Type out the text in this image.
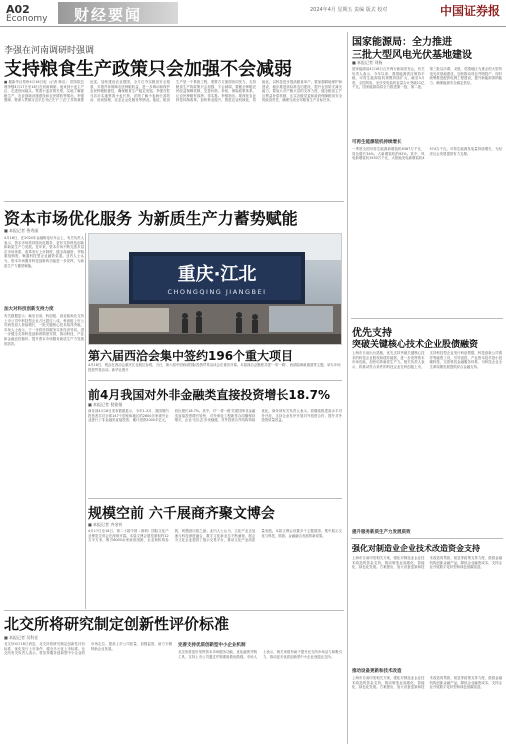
A02
Economy 财经要闻	2024年4月 星期五 责编 版式 校对	中国证券报
李强在河南调研时强调
支持粮食生产政策只会加强不会减弱
■ 据新华社郑州4月18日电（记者 韩洁） 国务院总理李强4月17日至18日在河南调研。他来到小麦主产区，走进田间地头，察看小麦苗情长势，实地了解夏粮生产、农业基础设施建设和农民增收等情况。李强强调，要深入贯彻习近平总书记关于'三农'工作的重要论述，加快建设农业强国，全方位夯实粮食安全根基，多措并举保障农民种粮收益，进一步调动和保护农民种粮积极性，确保粮食生产稳定发展。李强在驻马店市实地察看小麦长势，详细了解小麦病虫害防治、田间管理、农业社会化服务等情况。他说，粮食生产是一个系统工程，需要方方面面协同发力。支持粮食生产的政策只会加强、不会减弱，要健全种粮农民收益保障机制，完善价格、补贴、保险政策体系，让农民种粮有钱挣、得实惠。李强指出，要深化农业科技体制改革，加快种业振兴，推进农业机械化、智能化，以科技进步提高粮食单产。要加强耕地保护和建设，稳步推进高标准农田建设，提升农田防灾减灾能力。要加大对产粮大县的支持力度，健全粮食主产区利益补偿机制，压实各级党委和政府保障粮食安全的政治责任，确保完成全年粮食生产目标任务。
资本市场优化服务 为新质生产力蓄势赋能
■ 本报记者 昝秀丽
4月18日，在2024年金融街论坛年会上，有关负责人表示，资本市场将持续优化服务，更好支持科技创新和新质生产力发展。近年来，资本市场不断完善多层次市场体系，改革发行上市制度，健全再融资、并购重组制度，畅通科技型企业融资渠道。业内人士认为，资本市场服务科技创新的功能进一步发挥，为新质生产力蓄势赋能。
加大对科技创新支持力度
有关数据显示，截至目前，科创板、创业板和北交所上市公司中科技型企业占比超过八成。科创板上市公司研发投入持续增长，一批关键核心技术取得突破。市场人士表示，下一步将坚持服务实体经济导向，进一步健全支持科技创新的制度安排，推动科技、产业和金融良性循环，提升资本市场服务新质生产力发展的质效。
重庆·江北
CHONGQING JIANGBEI
第六届西洽会集中签约196个重大项目
4月18日，观众在西洽会重庆江北展区参观。当日，第六届中国西部国际投资贸易洽谈会在重庆开幕，本届西洽会聚焦共建'一带一路'、西部陆海新通道等主题，举办多场投资贸易活动。新华社图片
前4月我国对外非金融类直接投资增长18.7%
■ 本报记者 倪铭娅
商务部4月18日发布数据显示，今年1-3月，我国境内投资者共对全球147个国家和地区的2600多家境外企业进行了非金融类直接投资，累计投资2000多亿元，同比增长18.7%。其中，对'一带一路'共建国家非金融类直接投资增长较快，对外承包工程新签合同额保持增长，企业'走出去'步伐稳健，对外投资合作结构持续优化。商务部有关负责人表示，将继续推进高水平对外开放，支持企业有序开展对外投资合作，提升对外投资质量效益。
规模空前 六千展商齐聚文博会
■ 本报记者 齐金钊
4月17日至18日，第二十届中国（深圳）国际文化产业博览交易会在深圳开幕。本届文博会展览面积约12万平方米，吸引6000余家政府组团、企业和机构参展，规模创历届之最。业内人士认为，文化产业正加速与科技深度融合，数字文化新业态不断涌现，展会为文化企业提供了展示交易平台，推动文化产业高质量发展。本届文博会设置多个主题展馆，集中展示文化与科技、旅游、金融融合发展的新成果。
北交所将研究制定创新性评价标准
■ 本报记者 吴科任
北交所4月18日消息，北交所将研究制定创新性评价标准，优化发行上市条件，健全多元化上市标准。北交所有关负责人表示，将坚持服务创新型中小企业的市场定位，提高上市公司质量，加强监管，助力专精特新企业发展。
完善支持优质创新型中小企业机制
北交所将更好发挥资本市场服务功能，优化融资并购工具，支持上市公司通过并购重组做优做强。市场人士表示，相关举措有助于提升北交所市场活力和吸引力，推动更多优质创新型中小企业登陆北交所。
国家能源局：全力推进
三批大型风电光伏基地建设
■ 本报记者 刘杨
国家能源局4月18日召开例行新闻发布会。有关负责人表示，今年以来，我国能源供应保持平稳，可再生能源装机规模持续扩大，截至3月底，全国风电、光伏发电装机容量合计突破11亿千瓦。国家能源局将全力推进第一批、第二批、第三批以沙漠、戈壁、荒漠地区为重点的大型风电光伏基地建设，加快推动项目并网投产，同时统筹推进配套电网工程建设，提升新能源消纳能力，确保能源安全稳定供应。
可再生能源装机持续增长
一季度全国可再生能源新增装机6367万千瓦，同比增长34%，占新增装机的92%。其中，风电新增装机1550万千瓦，太阳能发电新增装机4574万千瓦。可再生能源发电量持续增长，为经济社会发展提供有力支撑。
优先支持
突破关键核心技术企业股债融资
上海市日前出台措施，优先支持突破关键核心技术的科技企业股权和债券融资，进一步发挥资本市场功能，加快培育新质生产力。相关负责人表示，将推动符合条件的科技企业在科创板上市，支持科技型企业发行科创票据、科技创新公司债券等融资工具，引导创投、产业资本投早投小投硬科技，完善科技金融服务体系，为科技企业全生命周期发展提供综合金融支持。
提升服务新质生产力发展质效
强化对制造业企业技术改造资金支持
上海市日前印发相关方案，强化对制造业企业技术改造的资金支持，推动制造业高端化、智能化、绿色化发展。方案提出，加大设备更新和技术改造再贷款、贴息等政策支持力度，鼓励金融机构创新金融产品，降低企业融资成本，支持企业开展数字化转型和绿色低碳改造。
推动设备更新和技术改造
上海市日前印发相关方案，强化对制造业企业技术改造的资金支持，推动制造业高端化、智能化、绿色化发展。方案提出，加大设备更新和技术改造再贷款、贴息等政策支持力度，鼓励金融机构创新金融产品，降低企业融资成本，支持企业开展数字化转型和绿色低碳改造。
